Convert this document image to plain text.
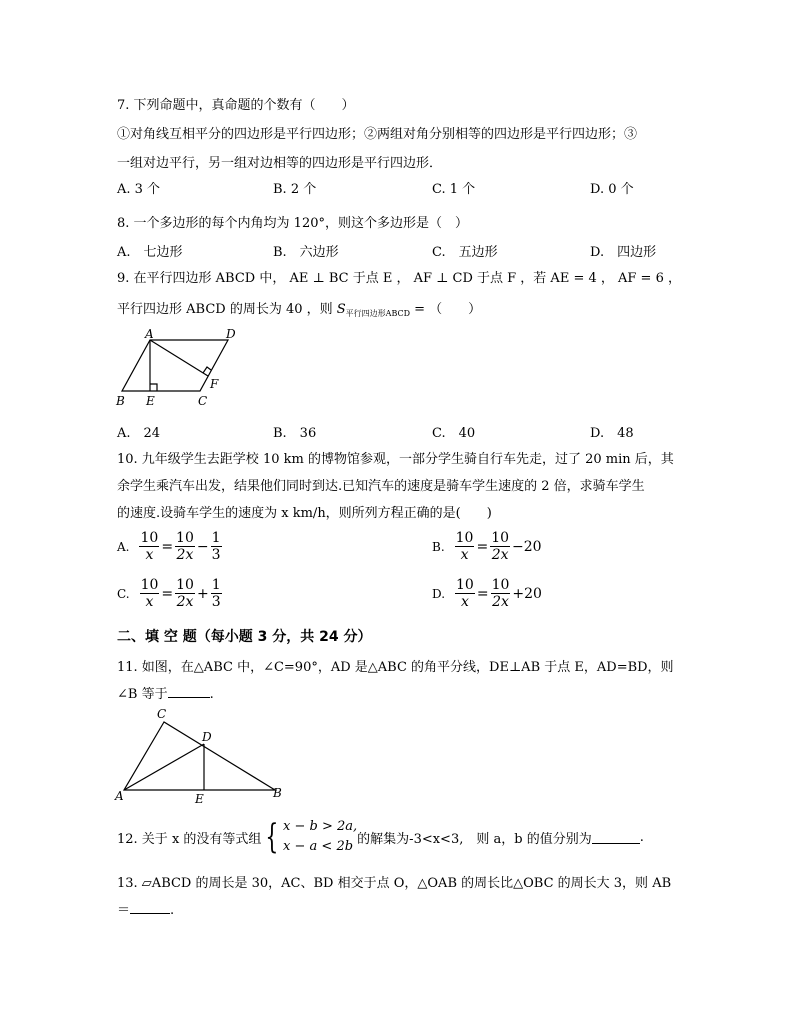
7. 下列命题中，真命题的个数有（　　）
①对角线互相平分的四边形是平行四边形；②两组对角分别相等的四边形是平行四边形；③
一组对边平行，另一组对边相等的四边形是平行四边形．
A. 3 个	B. 2 个	C. 1 个	D. 0 个
8. 一个多边形的每个内角均为 120°，则这个多边形是（　）
A.　七边形	B.　六边形	C.　五边形	D.　四边形
9. 在平行四边形 ABCD 中， AE ⊥ BC 于点 E ， AF ⊥ CD 于点 F ，若 AE = 4 ， AF = 6 ，
平行四边形 ABCD 的周长为 40 ，则 $S_{平行四边形ABCD}$ = （　　）
A	D
B E	C
F
A.　24	B.　36	C.　40	D.　48
10. 九年级学生去距学校 10 km 的博物馆参观，一部分学生骑自行车先走，过了 20 min 后，其
余学生乘汽车出发，结果他们同时到达.已知汽车的速度是骑车学生速度的 2 倍，求骑车学生
的速度.设骑车学生的速度为 x km/h，则所列方程正确的是(　　)
A. $\frac{10}{x} = \frac{10}{2x} - \frac{1}{3}$	B. $\frac{10}{x} = \frac{10}{2x} -20$
C. $\frac{10}{x} = \frac{10}{2x} + \frac{1}{3}$	D. $\frac{10}{x} = \frac{10}{2x} +20$
二、填 空 题（每小题 3 分，共 24 分）
11. 如图，在△ABC 中，∠C=90°，AD 是△ABC 的角平分线，DE⊥AB 于点 E，AD=BD，则
∠B 等于	.
C
D
A	E	B
12. 关于 x 的没有等式组 { x − b > 2a,
x − a < 2b 的解集为-3<x<3,　则 a，b 的值分别为	.
13. ▱ABCD 的周长是 30，AC、BD 相交于点 O，△OAB 的周长比△OBC 的周长大 3，则 AB
＝	.
